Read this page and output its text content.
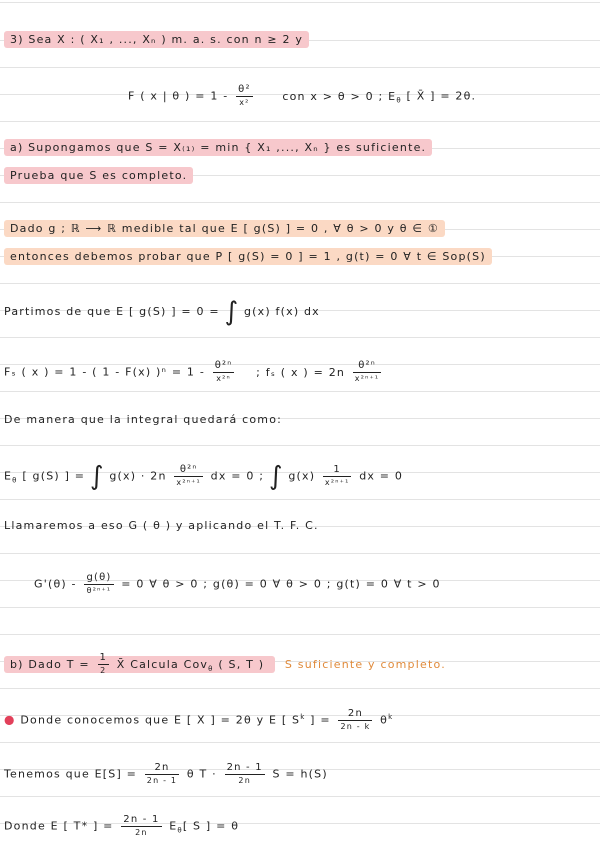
3) Sea X : ( X₁ , ..., Xₙ ) m. a. s. con n ≥ 2 y
F ( x | θ ) = $1 - \frac{\text{θ²}}{\text{x²}}$	con x > θ > 0 ; $E_\theta$ [ X̄ ] = 2θ.
a) Supongamos que S = X₍₁₎ = min { X₁ ,..., Xₙ } es suficiente.
Prueba que S es completo.
Dado g ; ℝ ⟶ ℝ medible tal que E [ g(S) ] = 0 , ∀ θ > 0 y θ ∈ ①
entonces debemos probar que P [ g(S) = 0 ] = 1 , g(t) = 0 ∀ t ∈ Sop(S)
Partimos de que E [ g(S) ] = 0 = ∫ g(x) f(x) dx
Fₛ ( x ) = 1 - ( 1 - F(x) )$^n = 1 - \frac{\text{θ²ⁿ}}{\text{x²ⁿ}}$ ; fₛ ( x ) = $2n \frac{\text{θ²ⁿ}}{\text{x²ⁿ⁺¹}}$
De manera que la integral quedará como:
$E_\theta$ [ g(S) ] = ∫ $g(x) \cdot 2n \frac{\text{θ²ⁿ}}{\text{x²ⁿ⁺¹}}$ dx = 0 ; ∫ $g(x) \frac{1}{\text{x²ⁿ⁺¹}}$ dx = 0
Llamaremos a eso G ( θ ) y aplicando el T. F. C.
$G'(\theta) - \frac{g(\theta)}{\text{θ²ⁿ⁺¹}} = 0$ ∀ θ > 0 ; g(θ) = 0 ∀ θ > 0 ; g(t) = 0 ∀ t > 0
b) Dado $T = \frac{1}{2}$ X̄ Calcula Cov$_\theta$ ( S, T ) S suficiente y completo.
● Donde conocemos que E [ X ] = 2θ y E [ $S^k$ ] = $\frac{2n}{2n - k} \theta^k$
Tenemos que $E[S] = \frac{2n}{2n - 1}$ θ $T \cdot \frac{2n - 1}{2n}$ S = h(S)
Donde E [ T* ] = $\frac{2n - 1}{2n} E_\theta$[ S ] = θ
